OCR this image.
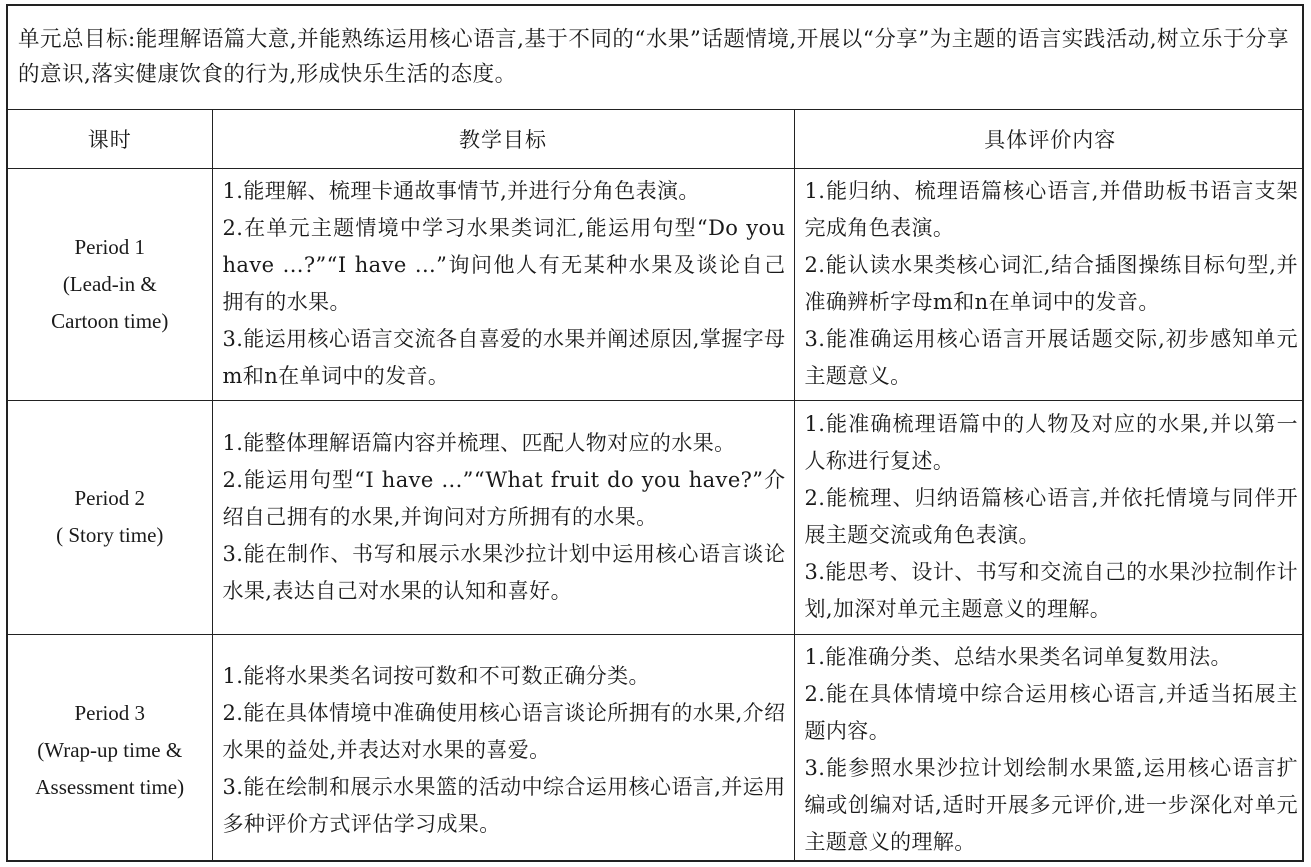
单元总目标:能理解语篇大意,并能熟练运用核心语言,基于不同的“水果”话题情境,开展以“分享”为主题的语言实践活动,树立乐于分享的意识,落实健康饮食的行为,形成快乐生活的态度。
课时	教学目标	具体评价内容

Period 1
(Lead-in &
Cartoon time)	1.能理解、梳理卡通故事情节,并进行分角色表演。
2.在单元主题情境中学习水果类词汇,能运用句型“Do you have ...?”“I have ...”询问他人有无某种水果及谈论自己拥有的水果。
3.能运用核心语言交流各自喜爱的水果并阐述原因,掌握字母m和n在单词中的发音。	1.能归纳、梳理语篇核心语言,并借助板书语言支架完成角色表演。
2.能认读水果类核心词汇,结合插图操练目标句型,并准确辨析字母m和n在单词中的发音。
3.能准确运用核心语言开展话题交际,初步感知单元主题意义。

Period 2
( Story time)	1.能整体理解语篇内容并梳理、匹配人物对应的水果。
2.能运用句型“I have ...”“What fruit do you have?”介绍自己拥有的水果,并询问对方所拥有的水果。
3.能在制作、书写和展示水果沙拉计划中运用核心语言谈论水果,表达自己对水果的认知和喜好。	1.能准确梳理语篇中的人物及对应的水果,并以第一人称进行复述。
2.能梳理、归纳语篇核心语言,并依托情境与同伴开展主题交流或角色表演。
3.能思考、设计、书写和交流自己的水果沙拉制作计划,加深对单元主题意义的理解。

Period 3
(Wrap-up time &
Assessment time)	1.能将水果类名词按可数和不可数正确分类。
2.能在具体情境中准确使用核心语言谈论所拥有的水果,介绍水果的益处,并表达对水果的喜爱。
3.能在绘制和展示水果篮的活动中综合运用核心语言,并运用多种评价方式评估学习成果。	1.能准确分类、总结水果类名词单复数用法。
2.能在具体情境中综合运用核心语言,并适当拓展主题内容。
3.能参照水果沙拉计划绘制水果篮,运用核心语言扩编或创编对话,适时开展多元评价,进一步深化对单元主题意义的理解。
